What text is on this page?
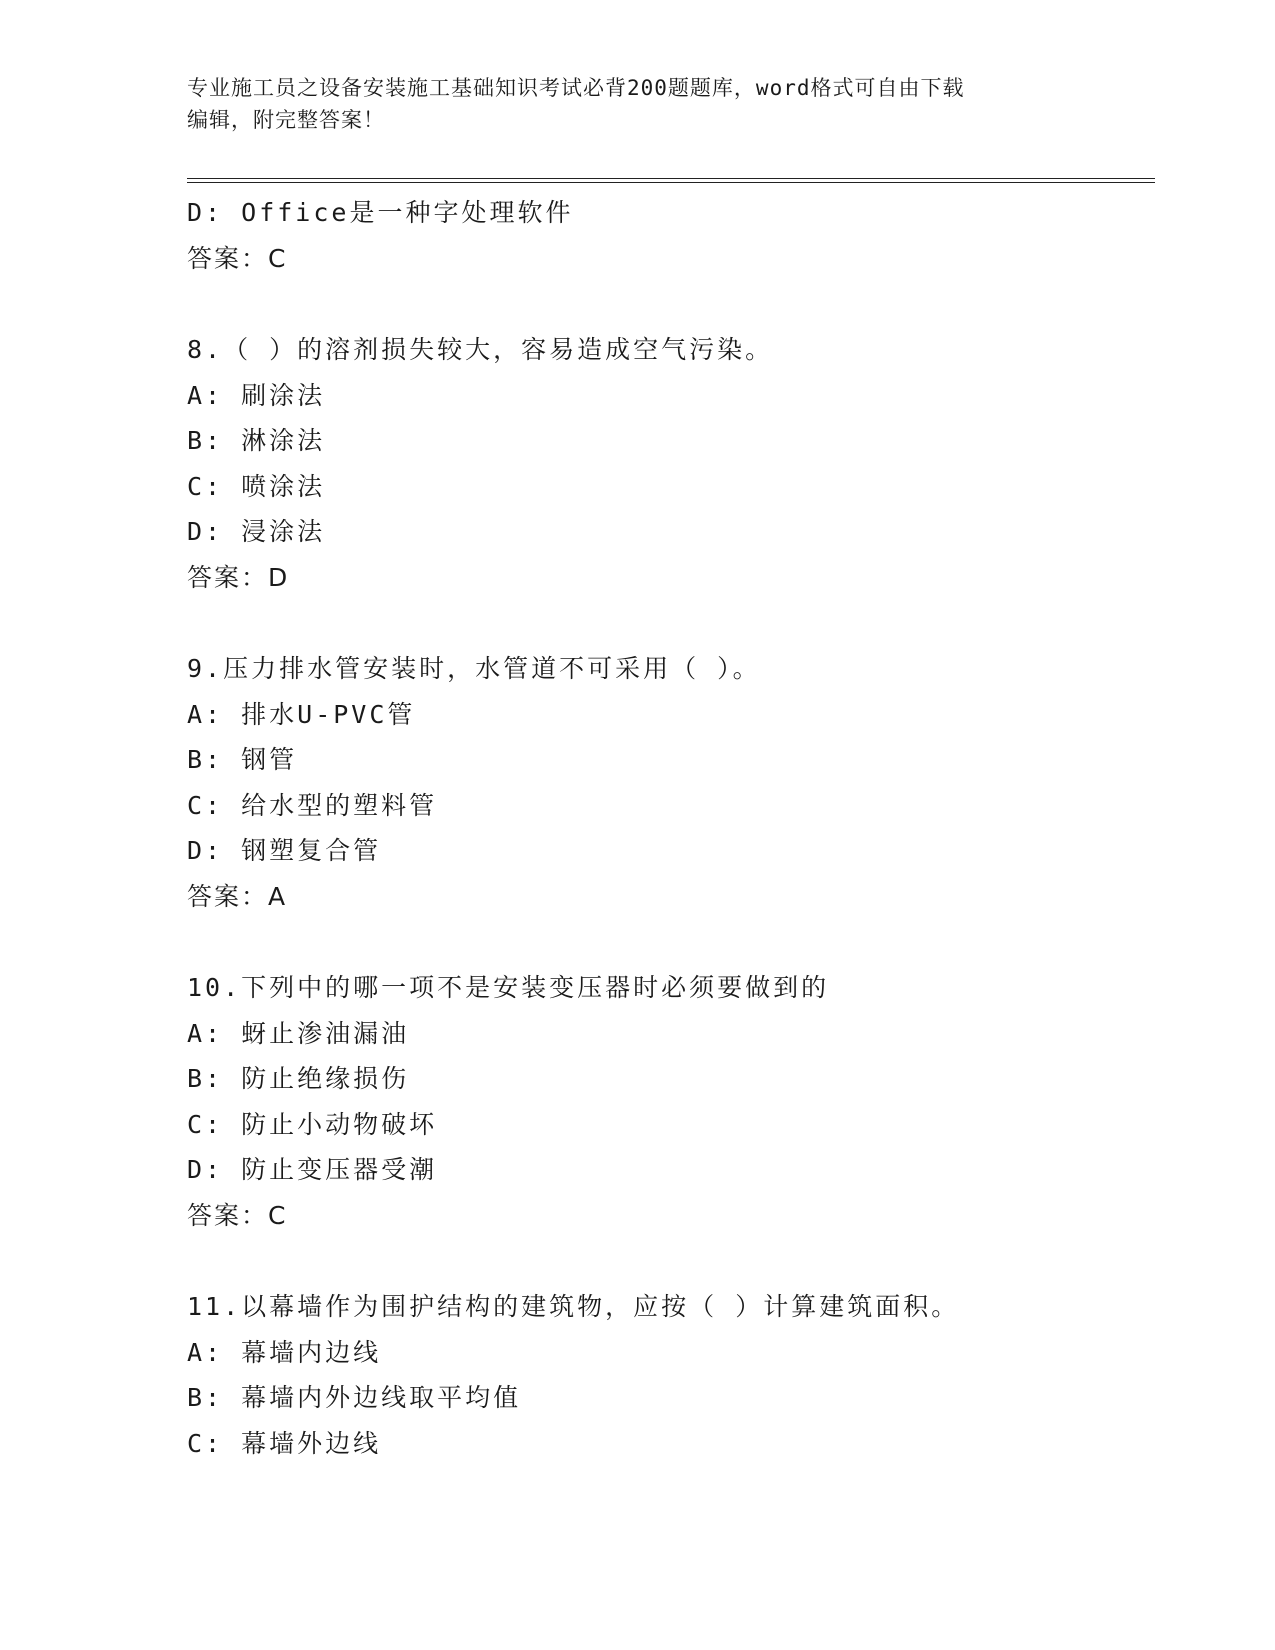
专业施工员之设备安装施工基础知识考试必背200题题库，word格式可自由下载
编辑，附完整答案！
D: Office是一种字处理软件
答案：C
8.（ ）的溶剂损失较大，容易造成空气污染。
A: 刷涂法
B: 淋涂法
C: 喷涂法
D: 浸涂法
答案：D
9.压力排水管安装时，水管道不可采用（ ）。
A: 排水U-PVC管
B: 钢管
C: 给水型的塑料管
D: 钢塑复合管
答案：A
10.下列中的哪一项不是安装变压器时必须要做到的
A: 蚜止渗油漏油
B: 防止绝缘损伤
C: 防止小动物破坏
D: 防止变压器受潮
答案：C
11.以幕墙作为围护结构的建筑物，应按（ ）计算建筑面积。
A: 幕墙内边线
B: 幕墙内外边线取平均值
C: 幕墙外边线
